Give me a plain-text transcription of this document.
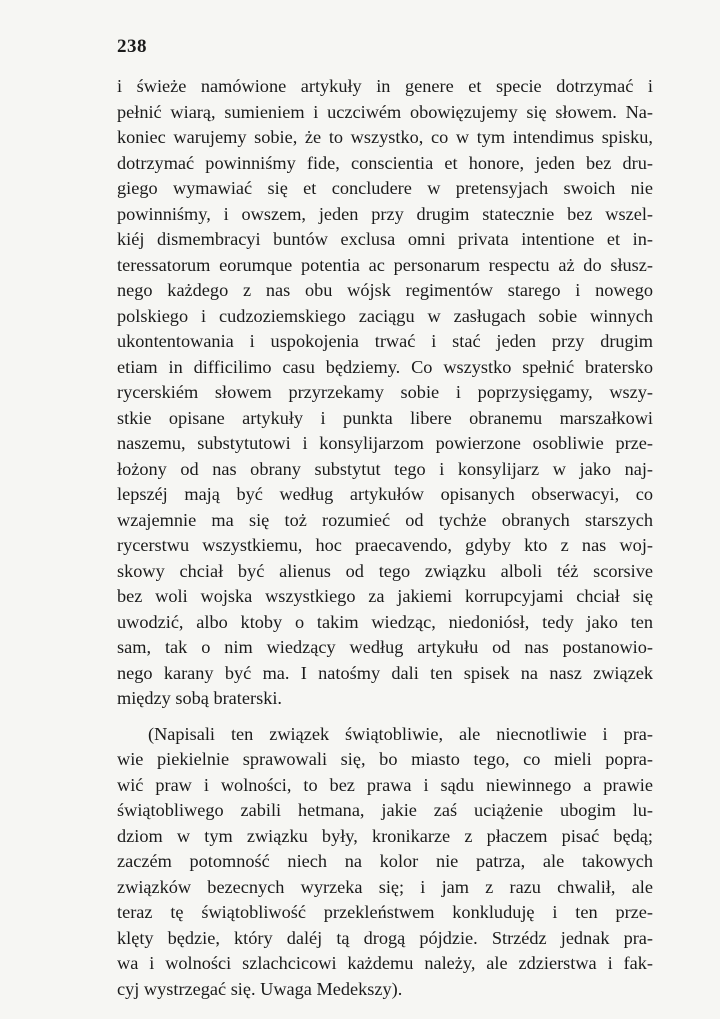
238
i świeże namówione artykuły in genere et specie dotrzymać i
pełnić wiarą, sumieniem i uczciwém obowięzujemy się słowem. Na-
koniec warujemy sobie, że to wszystko, co w tym intendimus spisku,
dotrzymać powinniśmy fide, conscientia et honore, jeden bez dru-
giego wymawiać się et concludere w pretensyjach swoich nie
powinniśmy, i owszem, jeden przy drugim statecznie bez wszel-
kiéj dismembracyi buntów exclusa omni privata intentione et in-
teressatorum eorumque potentia ac personarum respectu aż do słusz-
nego każdego z nas obu wójsk regimentów starego i nowego
polskiego i cudzoziemskiego zaciągu w zasługach sobie winnych
ukontentowania i uspokojenia trwać i stać jeden przy drugim
etiam in difficilimo casu będziemy. Co wszystko spełnić bratersko
rycerskiém słowem przyrzekamy sobie i poprzysięgamy, wszy-
stkie opisane artykuły i punkta libere obranemu marszałkowi
naszemu, substytutowi i konsylijarzom powierzone osobliwie prze-
łożony od nas obrany substytut tego i konsylijarz w jako naj-
lepszéj mają być według artykułów opisanych obserwacyi, co
wzajemnie ma się toż rozumieć od tychże obranych starszych
rycerstwu wszystkiemu, hoc praecavendo, gdyby kto z nas woj-
skowy chciał być alienus od tego związku alboli téż scorsive
bez woli wojska wszystkiego za jakiemi korrupcyjami chciał się
uwodzić, albo ktoby o takim wiedząc, niedoniósł, tedy jako ten
sam, tak o nim wiedzący według artykułu od nas postanowio-
nego karany być ma. I natośmy dali ten spisek na nasz związek
między sobą braterski.
(Napisali ten związek świątobliwie, ale niecnotliwie i pra-
wie piekielnie sprawowali się, bo miasto tego, co mieli popra-
wić praw i wolności, to bez prawa i sądu niewinnego a prawie
świątobliwego zabili hetmana, jakie zaś uciążenie ubogim lu-
dziom w tym związku były, kronikarze z płaczem pisać będą;
zaczém potomność niech na kolor nie patrza, ale takowych
związków bezecnych wyrzeka się; i jam z razu chwalił, ale
teraz tę świątobliwość przekleństwem konkluduję i ten prze-
klęty będzie, który daléj tą drogą pójdzie. Strzédz jednak pra-
wa i wolności szlachcicowi każdemu należy, ale zdzierstwa i fak-
cyj wystrzegać się. Uwaga Medekszy).
